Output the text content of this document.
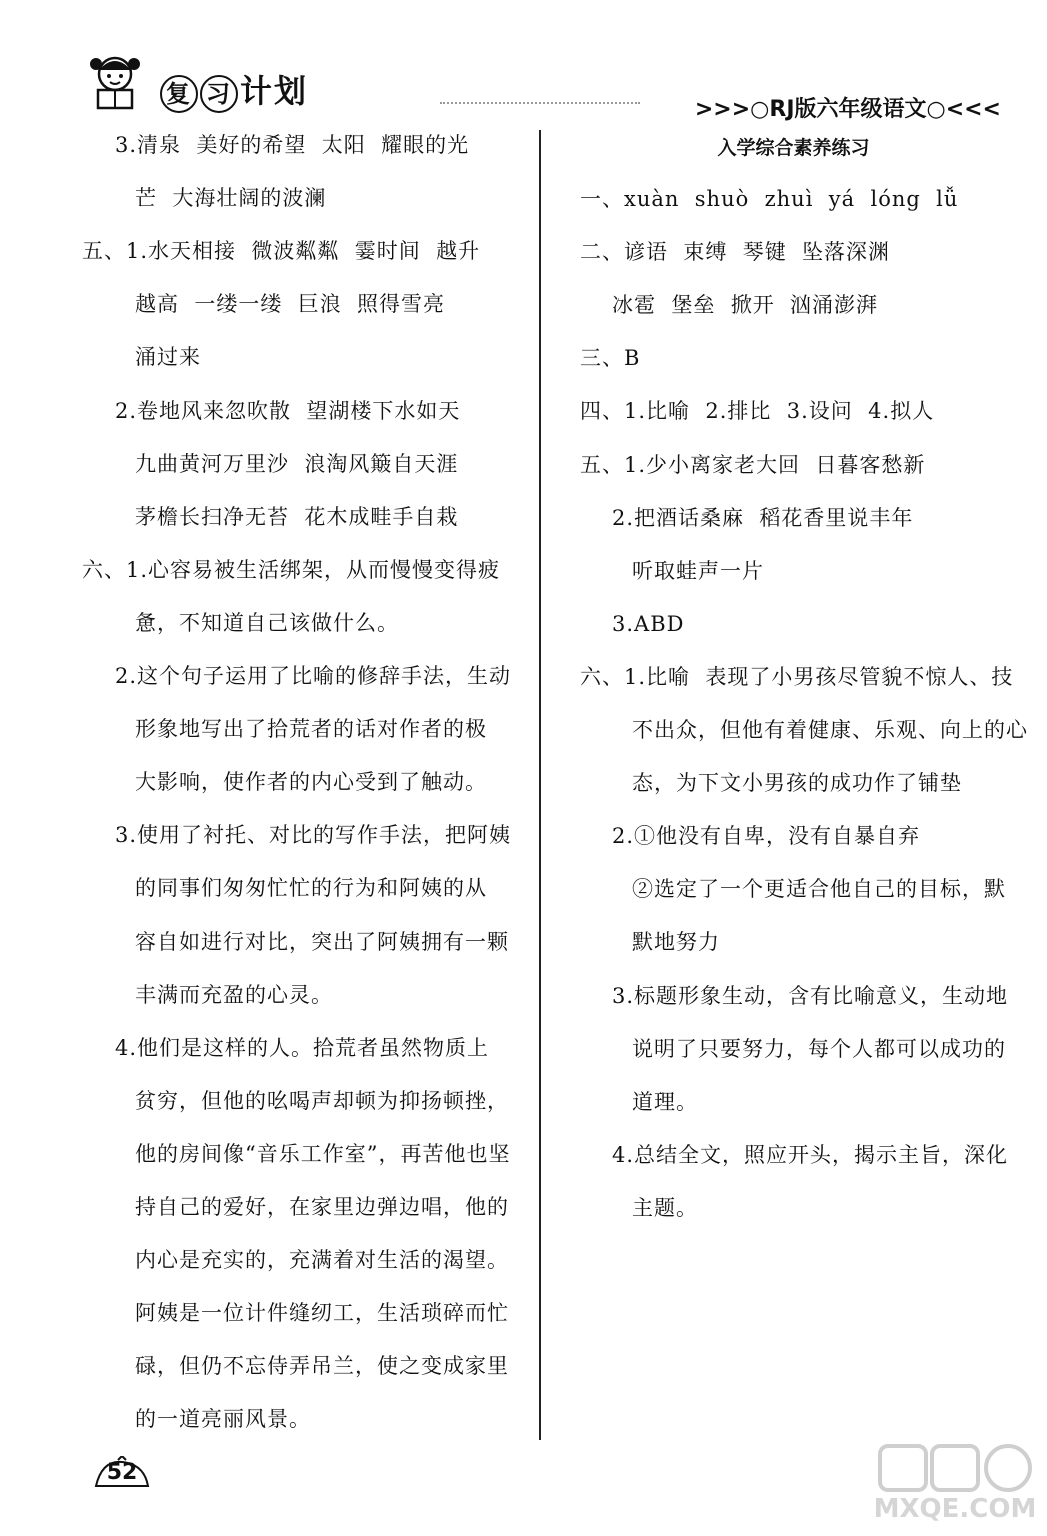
复 习 计划	>>>○RJ版六年级语文○<<<
3.清泉  美好的希望  太阳  耀眼的光
芒  大海壮阔的波澜
五、1.水天相接  微波粼粼  霎时间  越升
越高  一缕一缕  巨浪  照得雪亮
涌过来
2.卷地风来忽吹散  望湖楼下水如天
九曲黄河万里沙  浪淘风簸自天涯
茅檐长扫净无苔  花木成畦手自栽
六、1.心容易被生活绑架，从而慢慢变得疲
惫，不知道自己该做什么。
2.这个句子运用了比喻的修辞手法，生动
形象地写出了拾荒者的话对作者的极
大影响，使作者的内心受到了触动。
3.使用了衬托、对比的写作手法，把阿姨
的同事们匆匆忙忙的行为和阿姨的从
容自如进行对比，突出了阿姨拥有一颗
丰满而充盈的心灵。
4.他们是这样的人。拾荒者虽然物质上
贫穷，但他的吆喝声却顿为抑扬顿挫，
他的房间像“音乐工作室”，再苦他也坚
持自己的爱好，在家里边弹边唱，他的
内心是充实的，充满着对生活的渴望。
阿姨是一位计件缝纫工，生活琐碎而忙
碌，但仍不忘侍弄吊兰，使之变成家里
的一道亮丽风景。
入学综合素养练习
一、xuàn  shuò  zhuì  yá  lóng  lǚ
二、谚语  束缚  琴键  坠落深渊
冰雹  堡垒  掀开  汹涌澎湃
三、B
四、1.比喻  2.排比  3.设问  4.拟人
五、1.少小离家老大回  日暮客愁新
2.把酒话桑麻  稻花香里说丰年
听取蛙声一片
3.ABD
六、1.比喻  表现了小男孩尽管貌不惊人、技
不出众，但他有着健康、乐观、向上的心
态，为下文小男孩的成功作了铺垫
2.①他没有自卑，没有自暴自弃
②选定了一个更适合他自己的目标，默
默地努力
3.标题形象生动，含有比喻意义，生动地
说明了只要努力，每个人都可以成功的
道理。
4.总结全文，照应开头，揭示主旨，深化
主题。
52
MXQE.COM
